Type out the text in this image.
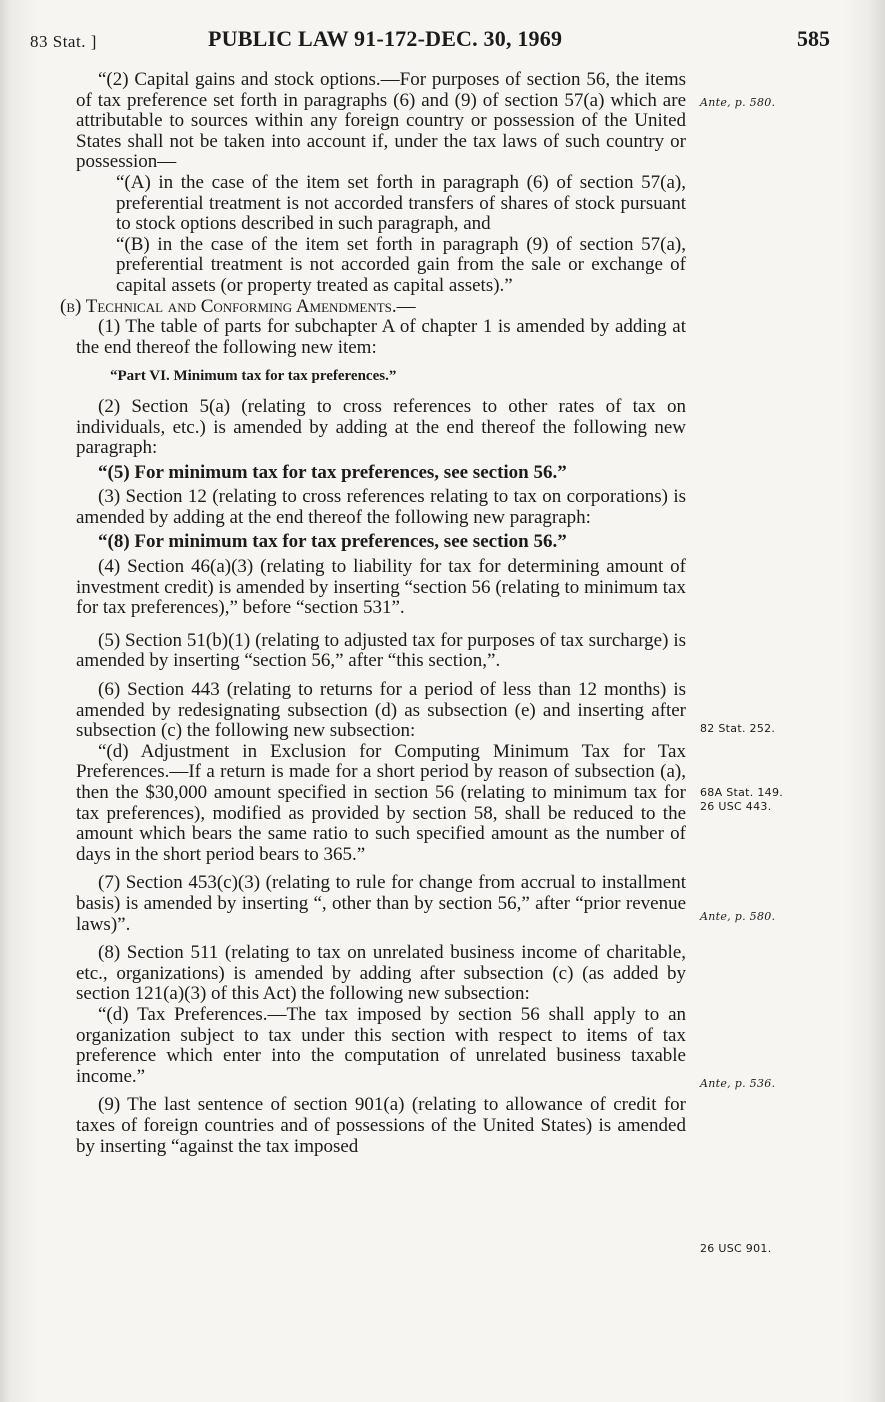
83 Stat. ]	PUBLIC LAW 91-172-DEC. 30, 1969	585
Ante, p. 580.
82 Stat. 252.
68A Stat. 149.
26 USC 443.
Ante, p. 580.
Ante, p. 536.
26 USC 901.

“(2) Capital gains and stock options.—For purposes of section 56, the items of tax preference set forth in paragraphs (6) and (9) of section 57(a) which are attributable to sources within any foreign country or possession of the United States shall not be taken into account if, under the tax laws of such country or possession—

“(A) in the case of the item set forth in paragraph (6) of section 57(a), preferential treatment is not accorded transfers of shares of stock pursuant to stock options described in such paragraph, and

“(B) in the case of the item set forth in paragraph (9) of section 57(a), preferential treatment is not accorded gain from the sale or exchange of capital assets (or property treated as capital assets).”

(b) Technical and Conforming Amendments.—

(1) The table of parts for subchapter A of chapter 1 is amended by adding at the end thereof the following new item:

“Part VI. Minimum tax for tax preferences.”

(2) Section 5(a) (relating to cross references to other rates of tax on individuals, etc.) is amended by adding at the end thereof the following new paragraph:

“(5) For minimum tax for tax preferences, see section 56.”

(3) Section 12 (relating to cross references relating to tax on corporations) is amended by adding at the end thereof the following new paragraph:

“(8) For minimum tax for tax preferences, see section 56.”

(4) Section 46(a)(3) (relating to liability for tax for determining amount of investment credit) is amended by inserting “section 56 (relating to minimum tax for tax preferences),” before “section 531”.

(5) Section 51(b)(1) (relating to adjusted tax for purposes of tax surcharge) is amended by inserting “section 56,” after “this section,”.

(6) Section 443 (relating to returns for a period of less than 12 months) is amended by redesignating subsection (d) as subsection (e) and inserting after subsection (c) the following new subsection:

“(d) Adjustment in Exclusion for Computing Minimum Tax for Tax Preferences.—If a return is made for a short period by reason of subsection (a), then the $30,000 amount specified in section 56 (relating to minimum tax for tax preferences), modified as provided by section 58, shall be reduced to the amount which bears the same ratio to such specified amount as the number of days in the short period bears to 365.”

(7) Section 453(c)(3) (relating to rule for change from accrual to installment basis) is amended by inserting “, other than by section 56,” after “prior revenue laws)”.

(8) Section 511 (relating to tax on unrelated business income of charitable, etc., organizations) is amended by adding after subsection (c) (as added by section 121(a)(3) of this Act) the following new subsection:

“(d) Tax Preferences.—The tax imposed by section 56 shall apply to an organization subject to tax under this section with respect to items of tax preference which enter into the computation of unrelated business taxable income.”

(9) The last sentence of section 901(a) (relating to allowance of credit for taxes of foreign countries and of possessions of the United States) is amended by inserting “against the tax imposed
